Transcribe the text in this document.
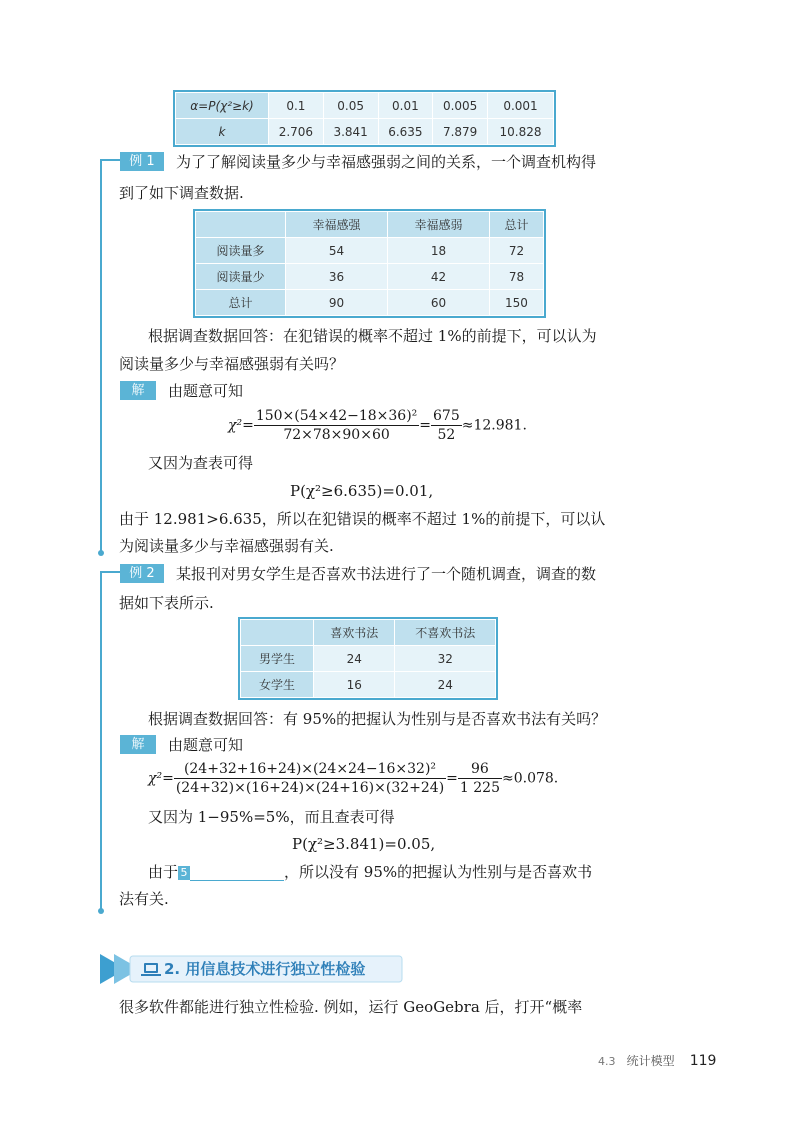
α=P(χ²≥k)	0.1	0.05	0.01	0.005	0.001
k	2.706	3.841	6.635	7.879	10.828
例 1	为了了解阅读量多少与幸福感强弱之间的关系，一个调查机构得
到了如下调查数据.
	幸福感强	幸福感弱	总计
阅读量多	54	18	72
阅读量少	36	42	78
总计	90	60	150
根据调查数据回答：在犯错误的概率不超过 1%的前提下，可以认为
阅读量多少与幸福感强弱有关吗？
解	由题意可知
$\chi^2= \frac{\text{150×(54×42−18×36)²}}{72\times 78\times 90\times 60} = \frac{675}{52} \approx 12.981$.
又因为查表可得
P(χ²≥6.635)=0.01,
由于 12.981>6.635，所以在犯错误的概率不超过 1%的前提下，可以认
为阅读量多少与幸福感强弱有关.
例 2	某报刊对男女学生是否喜欢书法进行了一个随机调查，调查的数
据如下表所示.
	喜欢书法	不喜欢书法
男学生	24	32
女学生	16	24
根据调查数据回答：有 95%的把握认为性别与是否喜欢书法有关吗？
解	由题意可知
$\chi^2= \frac{\text{(24+32+16+24)×(24×24−16×32)²}}{(24+32)\times(16+24)\times(24+16)\times(32+24)} = \frac{96}{1 225} \approx 0.078$.
又因为 1−95%=5%，而且查表可得
P(χ²≥3.841)=0.05,
由于 5	，所以没有 95%的把握认为性别与是否喜欢书
法有关.
2. 用信息技术进行独立性检验
很多软件都能进行独立性检验. 例如，运行 GeoGebra 后，打开“概率
4.3 统计模型 119
